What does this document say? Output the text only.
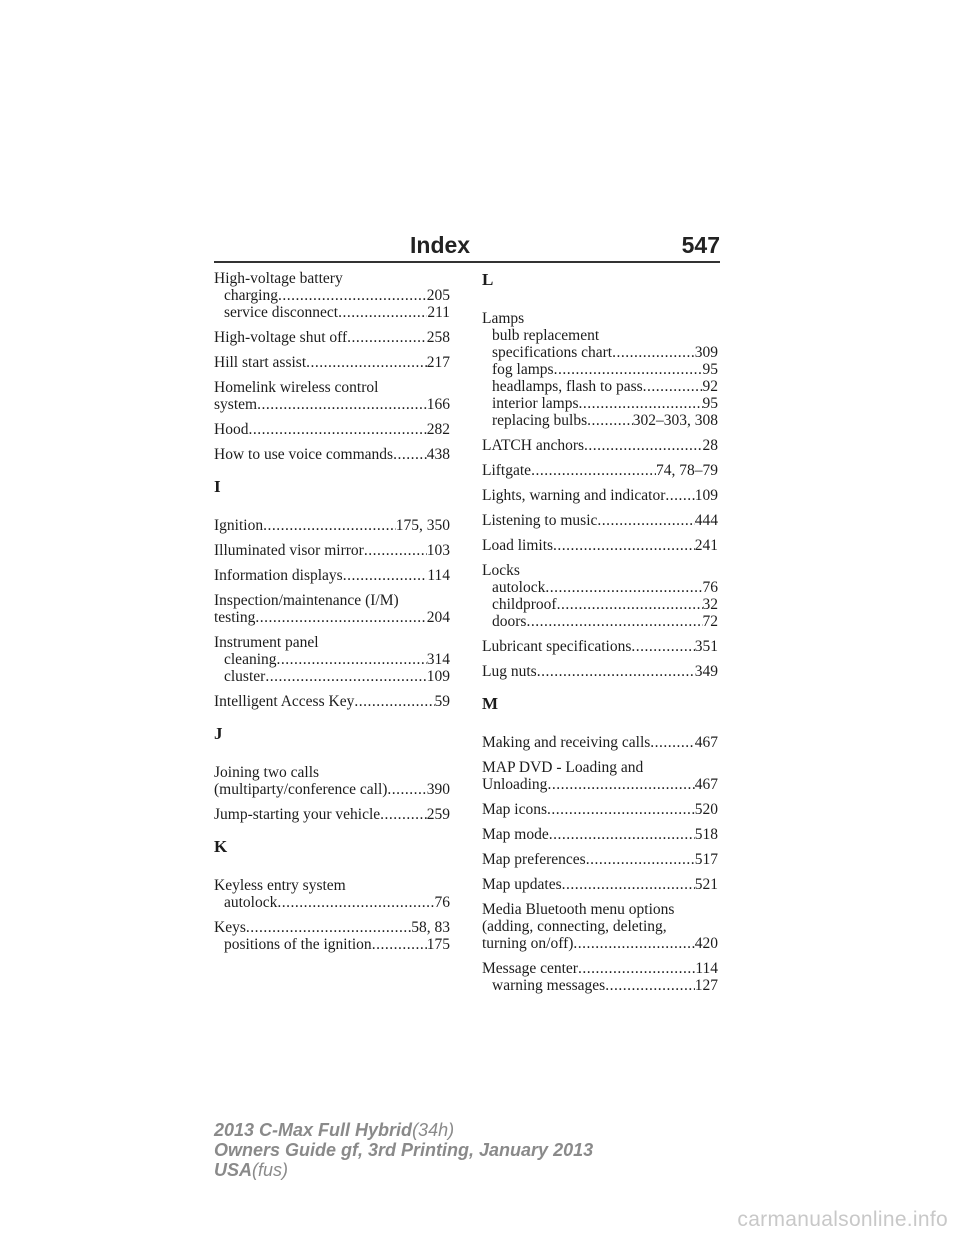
Index	547
High-voltage battery
charging .....	205
service disconnect .....	211
High-voltage shut off .....	258
Hill start assist .....	217
Homelink wireless control
system .....	166
Hood .....	282
How to use voice commands ..... 438
I
Ignition .....	175, 350
Illuminated visor mirror .....	103
Information displays .....	114
Inspection/maintenance (I/M)
testing .....	204
Instrument panel
cleaning .....	314
cluster .....	109
Intelligent Access Key .....	59
J
Joining two calls
(multiparty/conference call) .....	390
Jump-starting your vehicle .....	259
K
Keyless entry system
autolock .....	76
Keys .....	58, 83
positions of the ignition .....	175
L
Lamps
bulb replacement
specifications chart .....	309
fog lamps .....	95
headlamps, flash to pass .....	92
interior lamps .....	95
replacing bulbs .....	302–303, 308
LATCH anchors .....	28
Liftgate .....	74, 78–79
Lights, warning and indicator ..... 109
Listening to music .....	444
Load limits .....	241
Locks
autolock .....	76
childproof .....	32
doors .....	72
Lubricant specifications .....	351
Lug nuts .....	349
M
Making and receiving calls .....	467
MAP DVD - Loading and
Unloading .....	467
Map icons .....	520
Map mode .....	518
Map preferences .....	517
Map updates .....	521
Media Bluetooth menu options
(adding, connecting, deleting,
turning on/off) .....	420
Message center .....	114
warning messages .....	127
2013 C-Max Full Hybrid(34h)
Owners Guide gf, 3rd Printing, January 2013
USA(fus)
carmanualsonline.info
